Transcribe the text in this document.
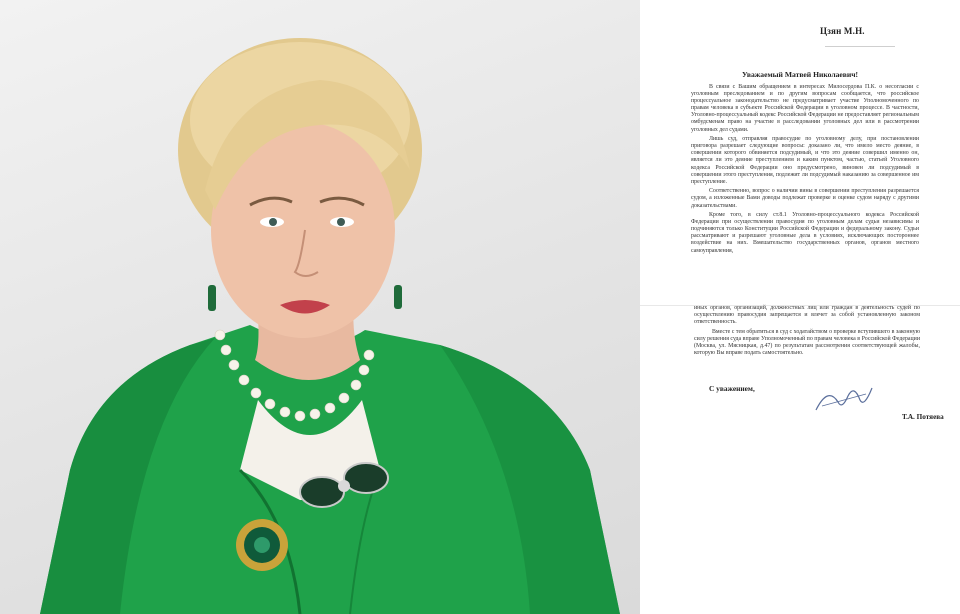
Цзян М.Н.
Уважаемый Матвей Николаевич!

В связи с Вашим обращением в интересах Милосердова П.К. о несогласии с уголовным преследованием и по другим вопросам сообщается, что российское процессуальное законодательство не предусматривает участие Уполномоченного по правам человека в субъекте Российской Федерации в уголовном процессе. В частности, Уголовно-процессуальный кодекс Российской Федерации не предоставляет региональным омбудсменам право на участие в расследовании уголовных дел или в рассмотрении уголовных дел судами.

Лишь суд, отправляя правосудие по уголовному делу, при постановлении приговора разрешает следующие вопросы: доказано ли, что имело место деяние, в совершении которого обвиняется подсудимый, и что это деяние совершил именно он, является ли это деяние преступлением и каким пунктом, частью, статьей Уголовного кодекса Российской Федерации оно предусмотрено, виновен ли подсудимый в совершении этого преступления, подлежит ли подсудимый наказанию за совершенное им преступление.

Соответственно, вопрос о наличии вины в совершении преступления разрешается судом, а изложенные Вами доводы подлежат проверке и оценке судом наряду с другими доказательствами.

Кроме того, в силу ст.8.1 Уголовно-процессуального кодекса Российской Федерации при осуществлении правосудия по уголовным делам судьи независимы и подчиняются только Конституции Российской Федерации и федеральному закону. Судьи рассматривают и разрешают уголовные дела в условиях, исключающих постороннее воздействие на них. Вмешательство государственных органов, органов местного самоуправления,

иных органов, организаций, должностных лиц или граждан в деятельность судей по осуществлению правосудия запрещается и влечет за собой установленную законом ответственность.

Вместе с тем обратиться в суд с ходатайством о проверке вступившего в законную силу решения суда вправе Уполномоченный по правам человека в Российской Федерации (Москва, ул. Мясницкая, д.47) по результатам рассмотрения соответствующей жалобы, которую Вы вправе подать самостоятельно.

С уважением,
Т.А. Потяева
